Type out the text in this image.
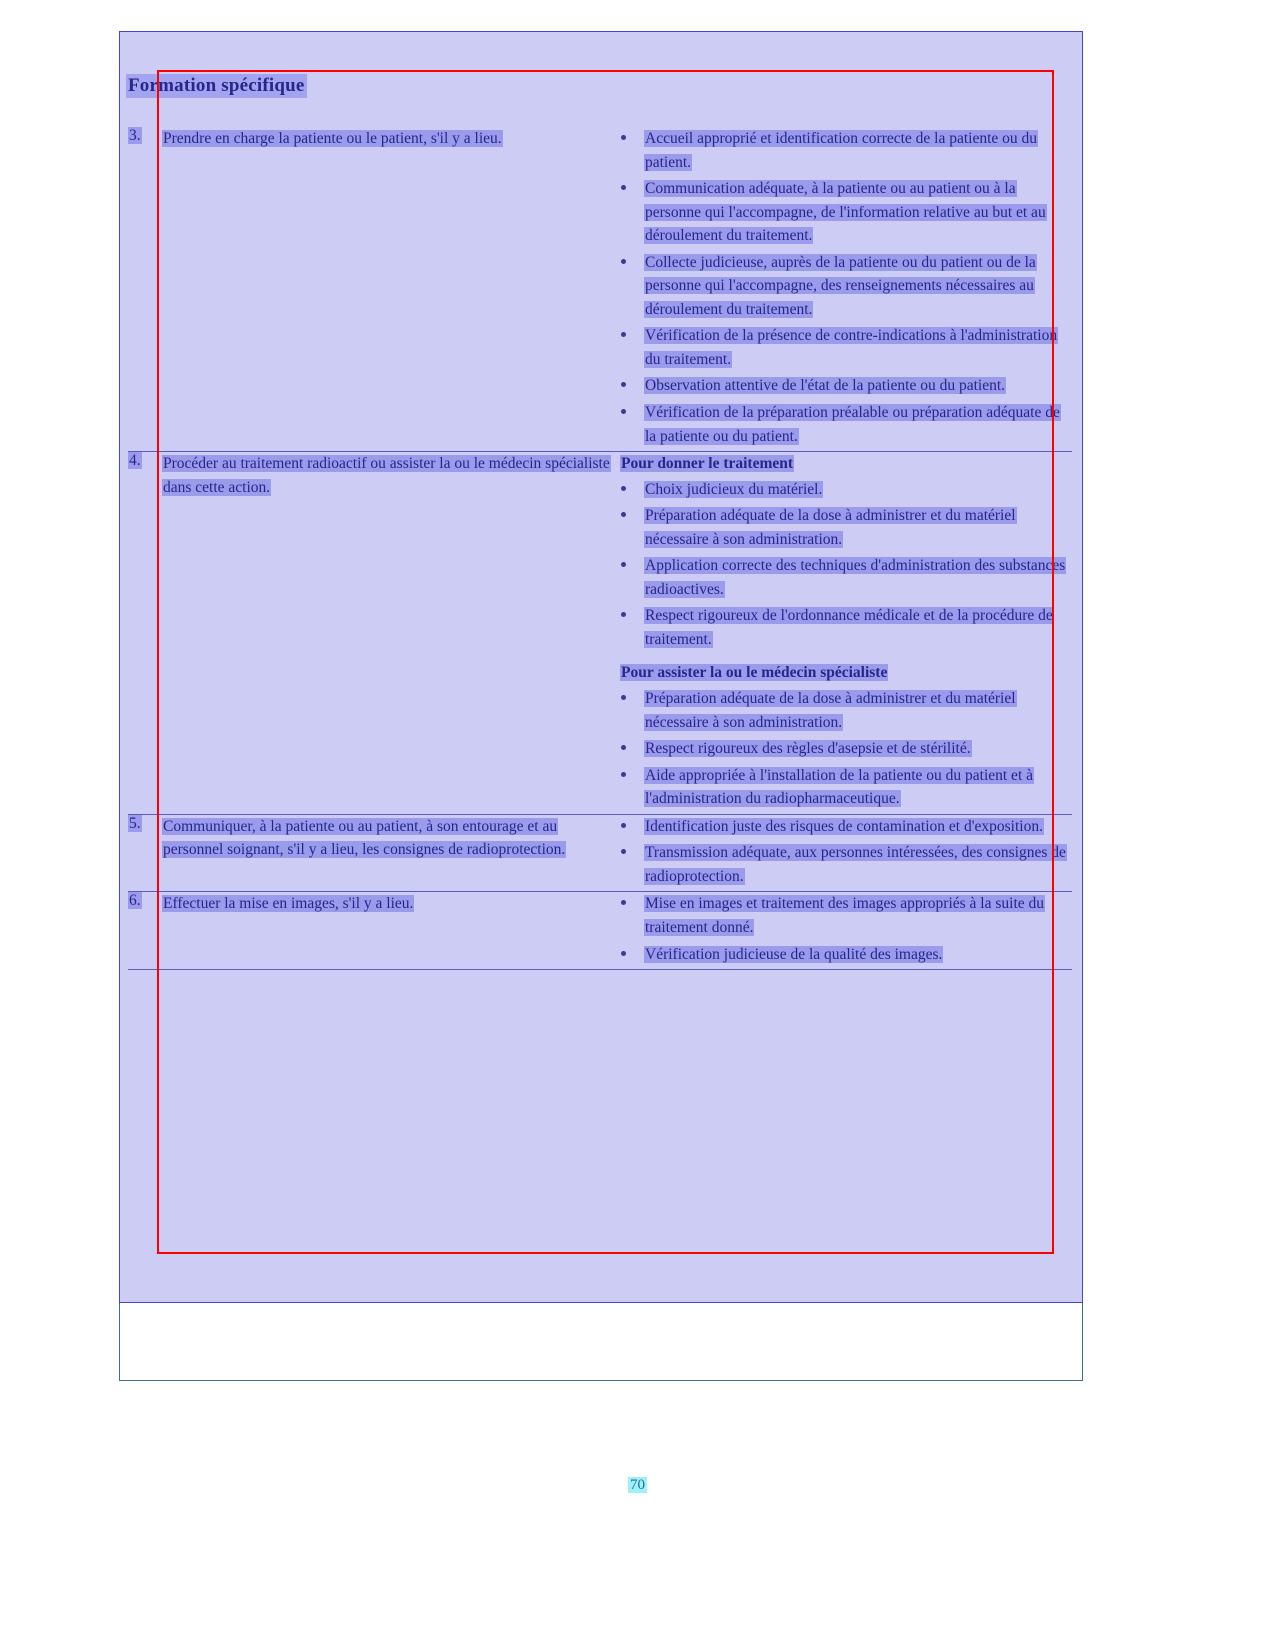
Formation spécifique
3.	Prendre en charge la patiente ou le patient, s'il y a lieu.	Accueil approprié et identification correcte de la patiente ou du patient.
Communication adéquate, à la patiente ou au patient ou à la personne qui l'accompagne, de l'information relative au but et au déroulement du traitement.
Collecte judicieuse, auprès de la patiente ou du patient ou de la personne qui l'accompagne, des renseignements nécessaires au déroulement du traitement.
Vérification de la présence de contre-indications à l'administration du traitement.
Observation attentive de l'état de la patiente ou du patient.
Vérification de la préparation préalable ou préparation adéquate de la patiente ou du patient.

4.	Procéder au traitement radioactif ou assister la ou le médecin spécialiste dans cette action.	
Pour donner le traitement
Choix judicieux du matériel.
Préparation adéquate de la dose à administrer et du matériel nécessaire à son administration.
Application correcte des techniques d'administration des substances radioactives.
Respect rigoureux de l'ordonnance médicale et de la procédure de traitement.
Pour assister la ou le médecin spécialiste
Préparation adéquate de la dose à administrer et du matériel nécessaire à son administration.
Respect rigoureux des règles d'asepsie et de stérilité.
Aide appropriée à l'installation de la patiente ou du patient et à l'administration du radiopharmaceutique.

5.	Communiquer, à la patiente ou au patient, à son entourage et au personnel soignant, s'il y a lieu, les consignes de radioprotection.	
Identification juste des risques de contamination et d'exposition.
Transmission adéquate, aux personnes intéressées, des consignes de radioprotection.

6.	Effectuer la mise en images, s'il y a lieu.	Mise en images et traitement des images appropriés à la suite du traitement donné.
Vérification judicieuse de la qualité des images.
70
